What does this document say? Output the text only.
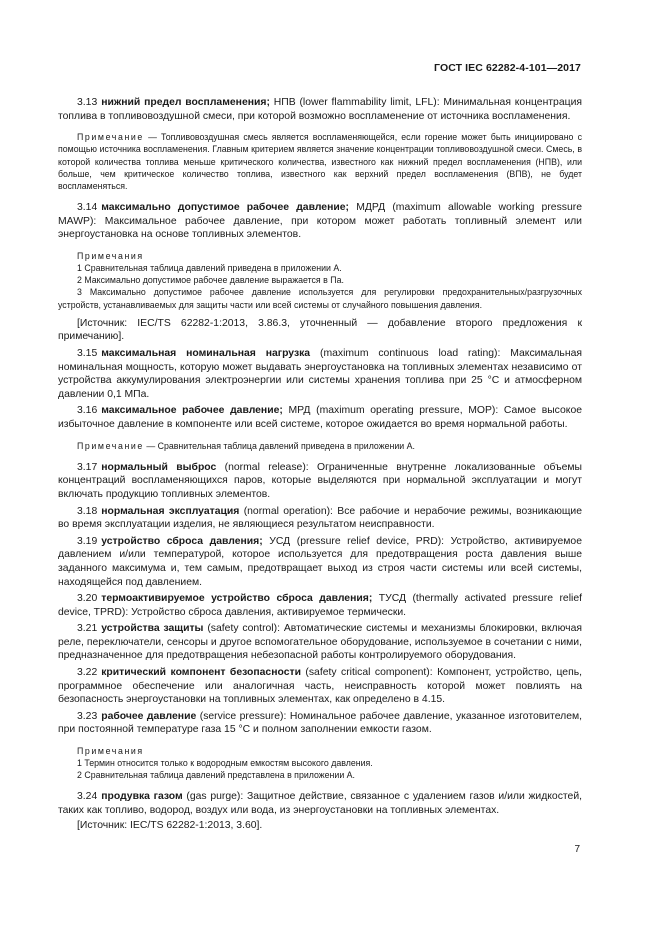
ГОСТ IEC 62282-4-101—2017

3.13 нижний предел воспламенения; НПВ (lower flammability limit, LFL): Минимальная концентрация топлива в топливовоздушной смеси, при которой возможно воспламенение от источника воспламенения.

Примечание — Топливовоздушная смесь является воспламеняющейся, если горение может быть инициировано с помощью источника воспламенения. Главным критерием является значение концентрации топливовоздушной смеси. Смесь, в которой количества топлива меньше критического количества, известного как нижний предел воспламенения (НПВ), или больше, чем критическое количество топлива, известного как верхний предел воспламенения (ВПВ), не будет воспламеняться.

3.14 максимально допустимое рабочее давление; МДРД (maximum allowable working pressure MAWP): Максимальное рабочее давление, при котором может работать топливный элемент или энергоустановка на основе топливных элементов.

Примечания

1 Сравнительная таблица давлений приведена в приложении А.

2 Максимально допустимое рабочее давление выражается в Па.

3 Максимально допустимое рабочее давление используется для регулировки предохранительных/разгрузочных устройств, устанавливаемых для защиты части или всей системы от случайного повышения давления.

[Источник: IEC/TS 62282-1:2013, 3.86.3, уточненный — добавление второго предложения к примечанию].

3.15 максимальная номинальная нагрузка (maximum continuous load rating): Максимальная номинальная мощность, которую может выдавать энергоустановка на топливных элементах независимо от устройства аккумулирования электроэнергии или системы хранения топлива при 25 °C и атмосферном давлении 0,1 МПа.

3.16 максимальное рабочее давление; МРД (maximum operating pressure, MOP): Самое высокое избыточное давление в компоненте или всей системе, которое ожидается во время нормальной работы.

Примечание — Сравнительная таблица давлений приведена в приложении А.

3.17 нормальный выброс (normal release): Ограниченные внутренне локализованные объемы концентраций воспламеняющихся паров, которые выделяются при нормальной эксплуатации и могут включать продукцию топливных элементов.

3.18 нормальная эксплуатация (normal operation): Все рабочие и нерабочие режимы, возникающие во время эксплуатации изделия, не являющиеся результатом неисправности.

3.19 устройство сброса давления; УСД (pressure relief device, PRD): Устройство, активируемое давлением и/или температурой, которое используется для предотвращения роста давления выше заданного максимума и, тем самым, предотвращает выход из строя части системы или всей системы, находящейся под давлением.

3.20 термоактивируемое устройство сброса давления; ТУСД (thermally activated pressure relief device, TPRD): Устройство сброса давления, активируемое термически.

3.21 устройства защиты (safety control): Автоматические системы и механизмы блокировки, включая реле, переключатели, сенсоры и другое вспомогательное оборудование, используемое в сочетании с ними, предназначенное для предотвращения небезопасной работы контролируемого оборудования.

3.22 критический компонент безопасности (safety critical component): Компонент, устройство, цепь, программное обеспечение или аналогичная часть, неисправность которой может повлиять на безопасность энергоустановки на топливных элементах, как определено в 4.15.

3.23 рабочее давление (service pressure): Номинальное рабочее давление, указанное изготовителем, при постоянной температуре газа 15 °C и полном заполнении емкости газом.

Примечания

1 Термин относится только к водородным емкостям высокого давления.

2 Сравнительная таблица давлений представлена в приложении А.

3.24 продувка газом (gas purge): Защитное действие, связанное с удалением газов и/или жидкостей, таких как топливо, водород, воздух или вода, из энергоустановки на топливных элементах.

[Источник: IEC/TS 62282-1:2013, 3.60].

7
